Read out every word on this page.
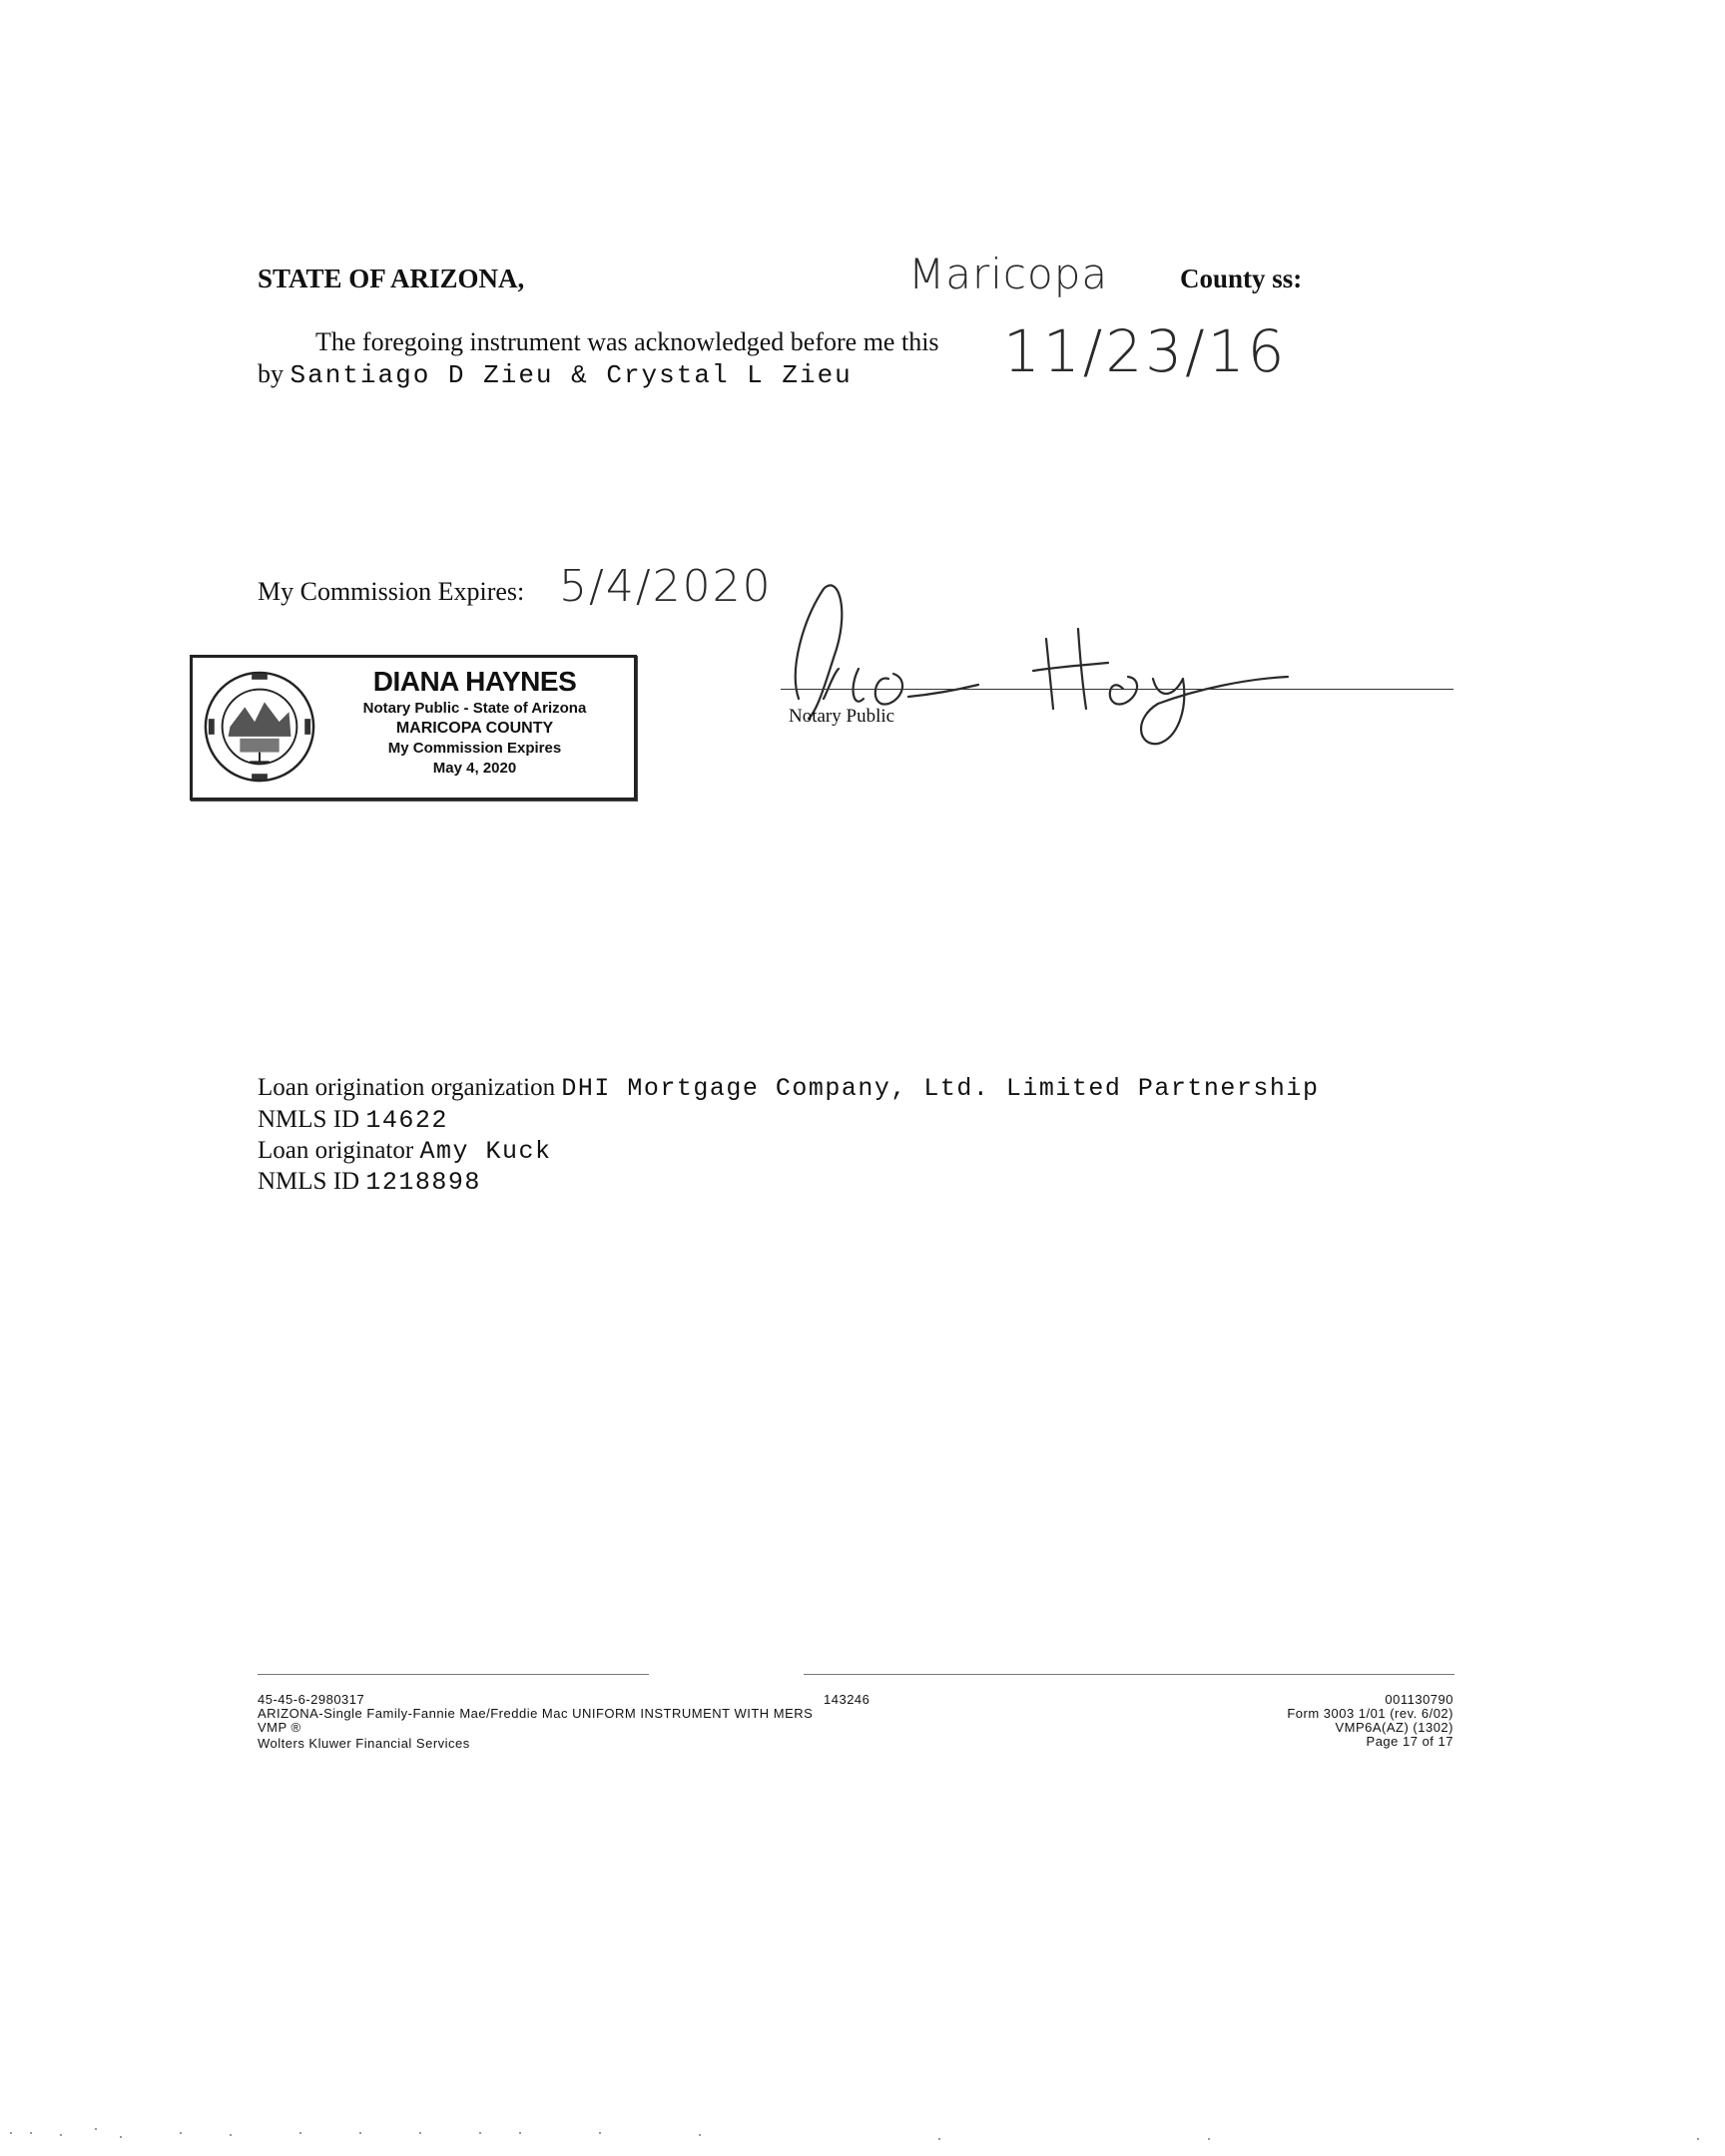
STATE OF ARIZONA,	Maricopa	County ss:
The foregoing instrument was acknowledged before me this 11/23/16
by Santiago D Zieu & Crystal L Zieu
My Commission Expires: 5/4/2020
Notary Public
DIANA HAYNES
Notary Public - State of Arizona
MARICOPA COUNTY
My Commission Expires
May 4, 2020
Loan origination organization DHI Mortgage Company, Ltd. Limited Partnership
NMLS ID 14622
Loan originator Amy Kuck
NMLS ID 1218898
45-45-6-2980317
ARIZONA-Single Family-Fannie Mae/Freddie Mac UNIFORM INSTRUMENT WITH MERS
VMP ®
Wolters Kluwer Financial Services
143246	001130790
Form 3003 1/01 (rev. 6/02)
VMP6A(AZ) (1302)
Page 17 of 17
